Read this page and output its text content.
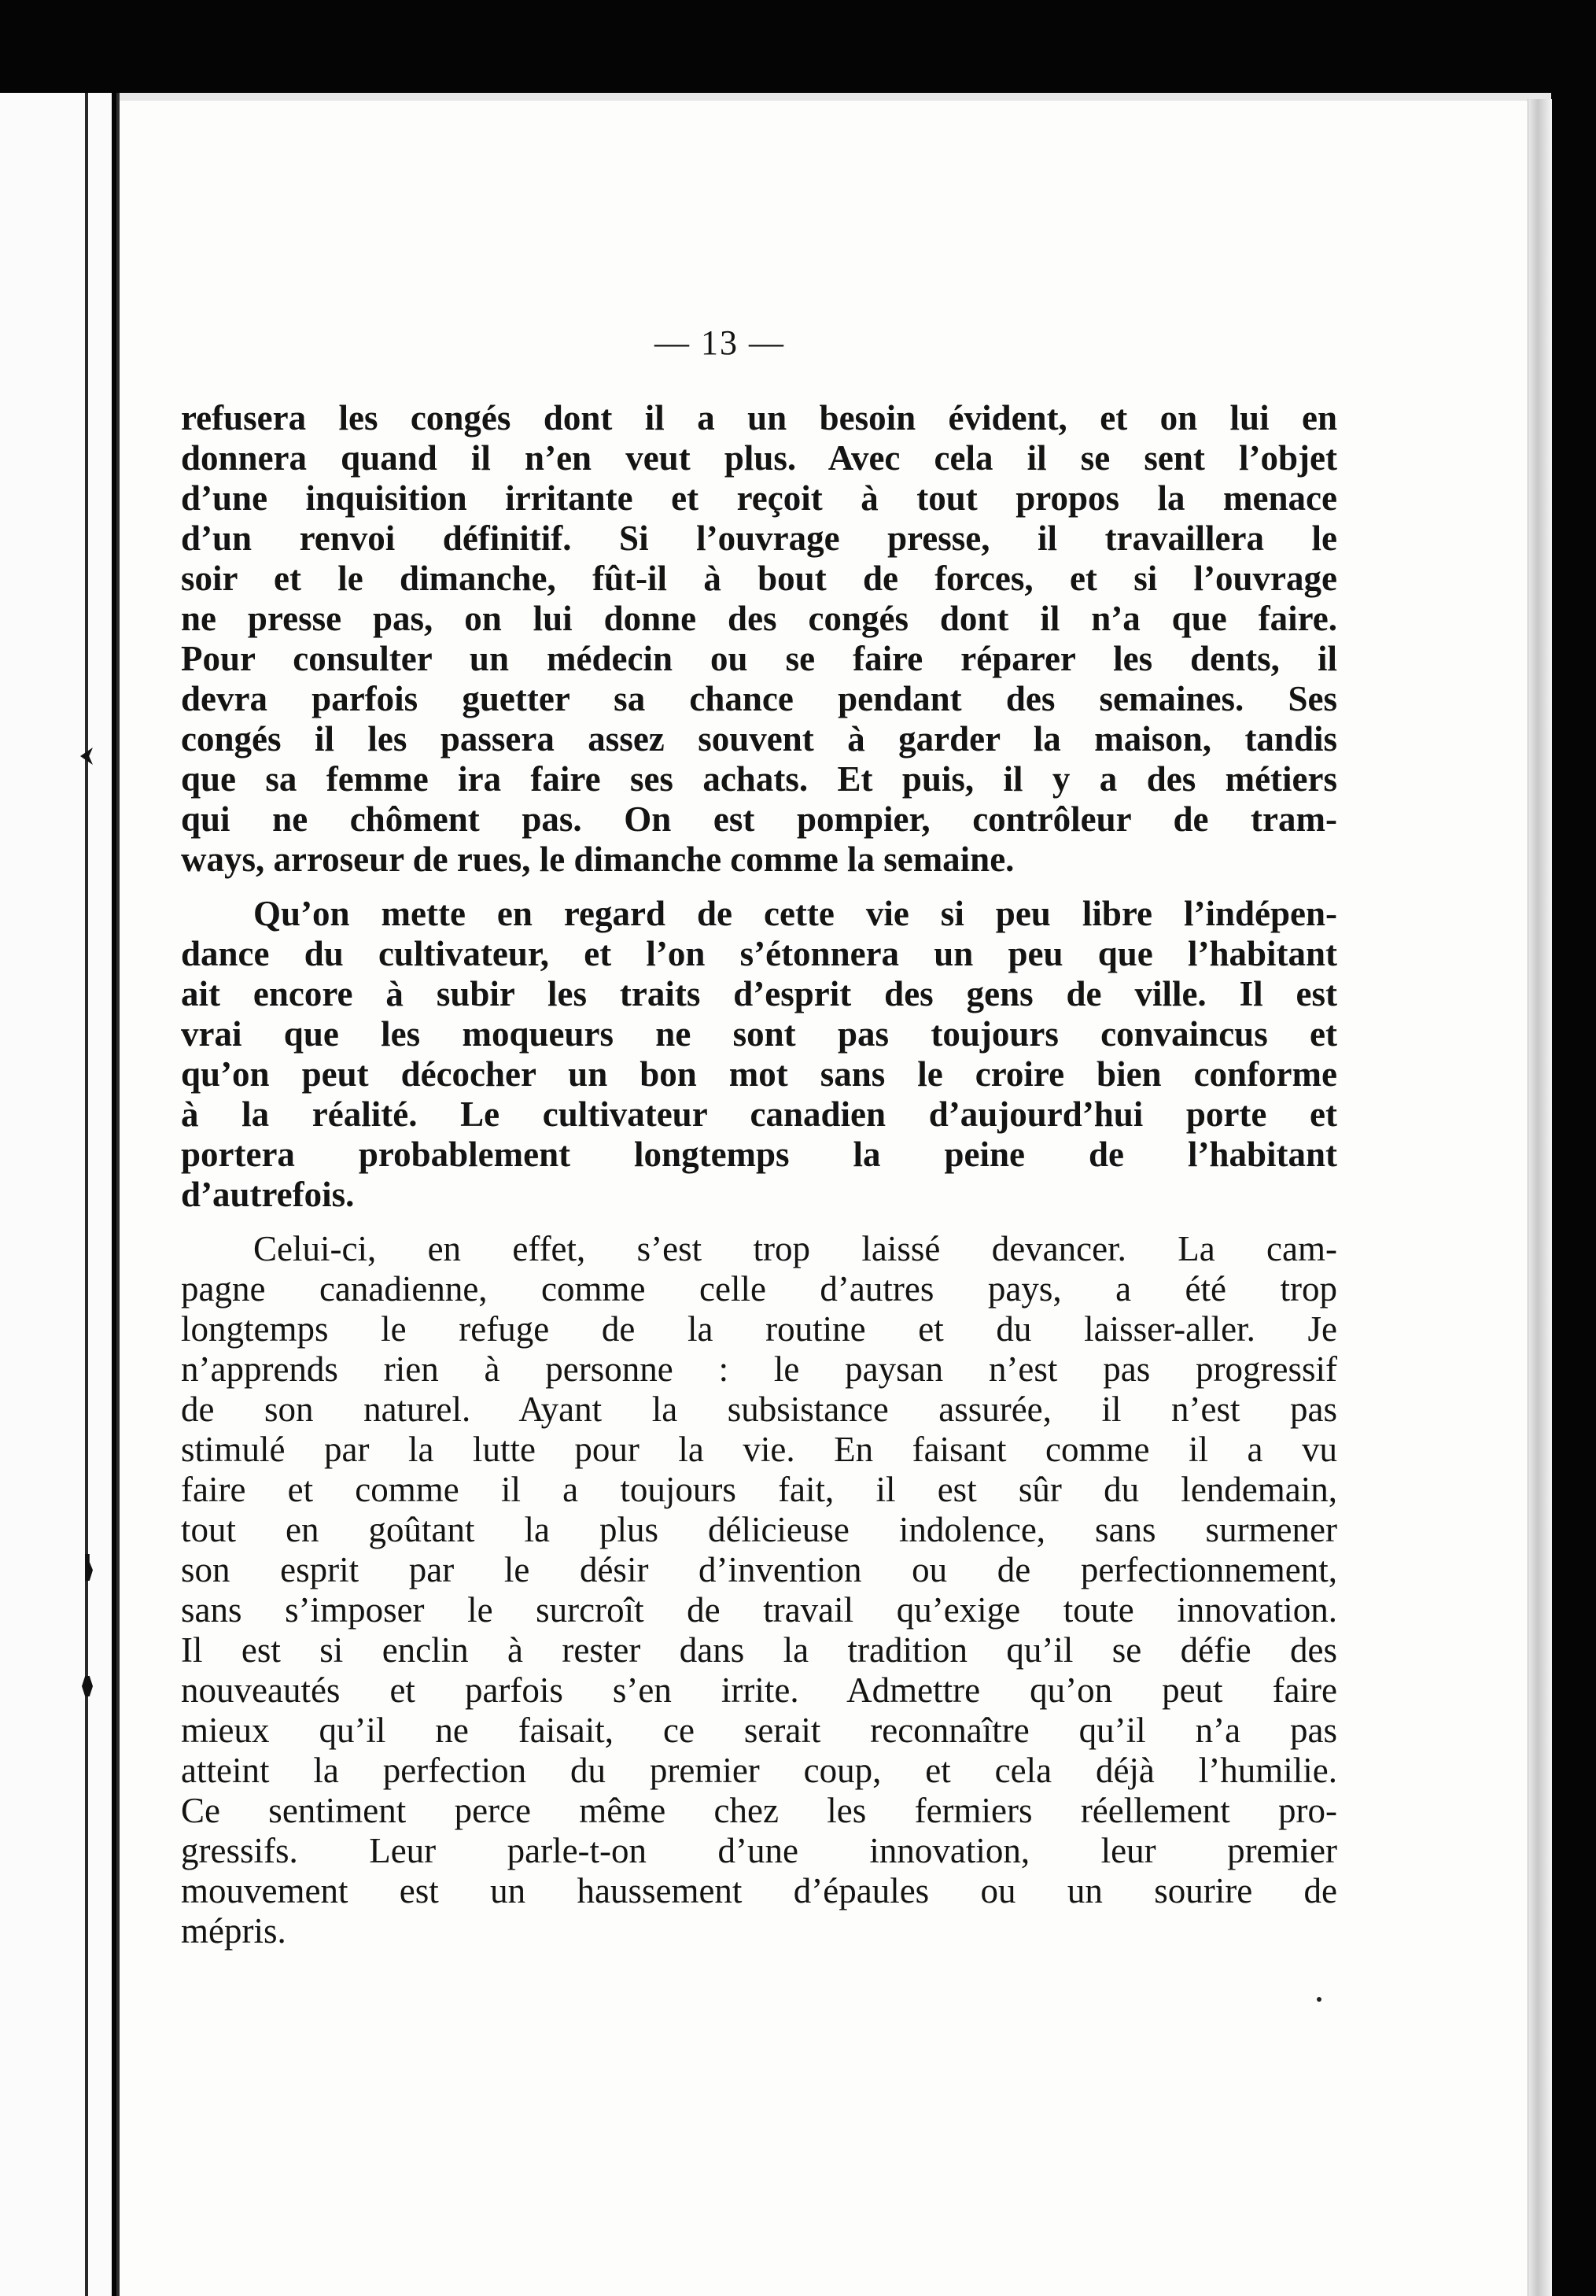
— 13 —

refusera les congés dont il a un besoin évident, et on lui en
donnera quand il n’en veut plus. Avec cela il se sent l’objet
d’une inquisition irritante et reçoit à tout propos la menace
d’un renvoi définitif. Si l’ouvrage presse, il travaillera le
soir et le dimanche, fût-il à bout de forces, et si l’ouvrage
ne presse pas, on lui donne des congés dont il n’a que faire.
Pour consulter un médecin ou se faire réparer les dents, il
devra parfois guetter sa chance pendant des semaines. Ses
congés il les passera assez souvent à garder la maison, tandis
que sa femme ira faire ses achats. Et puis, il y a des métiers
qui ne chôment pas. On est pompier, contrôleur de tram-
ways, arroseur de rues, le dimanche comme la semaine.

Qu’on mette en regard de cette vie si peu libre l’indépen-
dance du cultivateur, et l’on s’étonnera un peu que l’habitant
ait encore à subir les traits d’esprit des gens de ville. Il est
vrai que les moqueurs ne sont pas toujours convaincus et
qu’on peut décocher un bon mot sans le croire bien conforme
à la réalité. Le cultivateur canadien d’aujourd’hui porte et
portera probablement longtemps la peine de l’habitant
d’autrefois.

Celui-ci, en effet, s’est trop laissé devancer. La cam-
pagne canadienne, comme celle d’autres pays, a été trop
longtemps le refuge de la routine et du laisser-aller. Je
n’apprends rien à personne : le paysan n’est pas progressif
de son naturel. Ayant la subsistance assurée, il n’est pas
stimulé par la lutte pour la vie. En faisant comme il a vu
faire et comme il a toujours fait, il est sûr du lendemain,
tout en goûtant la plus délicieuse indolence, sans surmener
son esprit par le désir d’invention ou de perfectionnement,
sans s’imposer le surcroît de travail qu’exige toute innovation.
Il est si enclin à rester dans la tradition qu’il se défie des
nouveautés et parfois s’en irrite. Admettre qu’on peut faire
mieux qu’il ne faisait, ce serait reconnaître qu’il n’a pas
atteint la perfection du premier coup, et cela déjà l’humilie.
Ce sentiment perce même chez les fermiers réellement pro-
gressifs. Leur parle-t-on d’une innovation, leur premier
mouvement est un haussement d’épaules ou un sourire de
mépris.
